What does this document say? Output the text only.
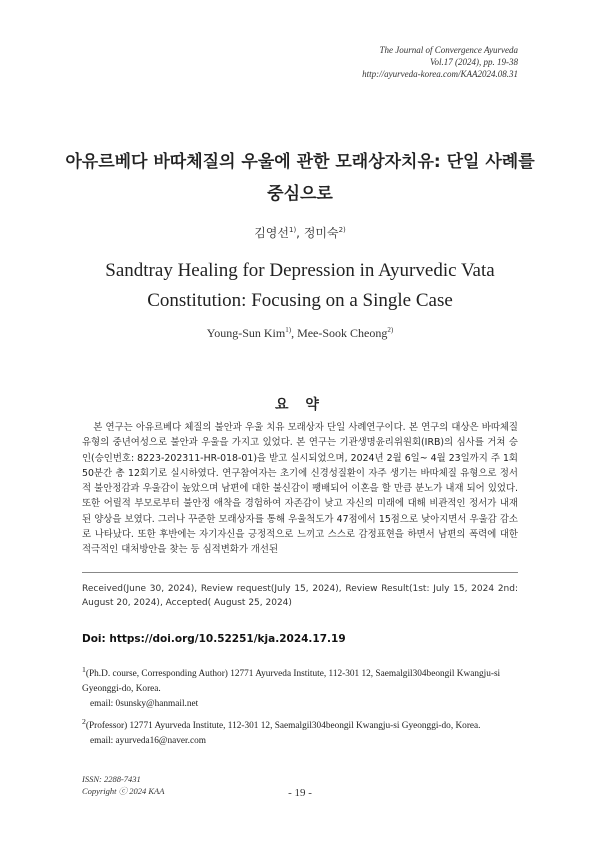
The Journal of Convergence Ayurveda
Vol.17 (2024), pp. 19-38
http://ayurveda-korea.com/KAA2024.08.31
아유르베다 바따체질의 우울에 관한 모래상자치유: 단일 사례를 중심으로
김영선$^{1)}$, 정미숙$^{2)}$
Sandtray Healing for Depression in Ayurvedic Vata Constitution: Focusing on a Single Case
Young-Sun Kim$^{1)}$, Mee-Sook Cheong$^{2)}$
요 약

본 연구는 아유르베다 체질의 불안과 우울 치유 모래상자 단일 사례연구이다. 본 연구의 대상은 바따체질 유형의 중년여성으로 불안과 우울을 가지고 있었다. 본 연구는 기관생명윤리위원회(IRB)의 심사를 거쳐 승인(승인번호: 8223-202311-HR-018-01)을 받고 실시되었으며, 2024년 2월 6일~ 4월 23일까지 주 1회 50분간 총 12회기로 실시하였다. 연구참여자는 초기에 신경성질환이 자주 생기는 바따체질 유형으로 정서적 불안정감과 우울감이 높았으며 남편에 대한 불신감이 팽배되어 이혼을 할 만큼 분노가 내재 되어 있었다. 또한 어릴적 부모로부터 불안정 애착을 경험하여 자존감이 낮고 자신의 미래에 대해 비관적인 정서가 내재 된 양상을 보였다. 그러나 꾸준한 모래상자를 통해 우울척도가 47점에서 15점으로 낮아지면서 우울감 감소로 나타났다. 또한 후반에는 자기자신을 긍정적으로 느끼고 스스로 감정표현을 하면서 남편의 폭력에 대한 적극적인 대처방안을 찾는 등 심적변화가 개선된

Received(June 30, 2024), Review request(July 15, 2024), Review Result(1st: July 15, 2024 2nd: August 20, 2024), Accepted( August 25, 2024)

Doi: https://doi.org/10.52251/kja.2024.17.19

$^1$(Ph.D. course, Corresponding Author) 12771 Ayurveda Institute, 112-301 12, Saemalgil304beongil Kwangju-si Gyeonggi-do, Korea.
email: 0sunsky@hanmail.net

$^2$(Professor) 12771 Ayurveda Institute, 112-301 12, Saemalgil304beongil Kwangju-si Gyeonggi-do, Korea.
email: ayurveda16@naver.com

ISSN: 2288-7431
Copyright ⓒ 2024 KAA	- 19 -
